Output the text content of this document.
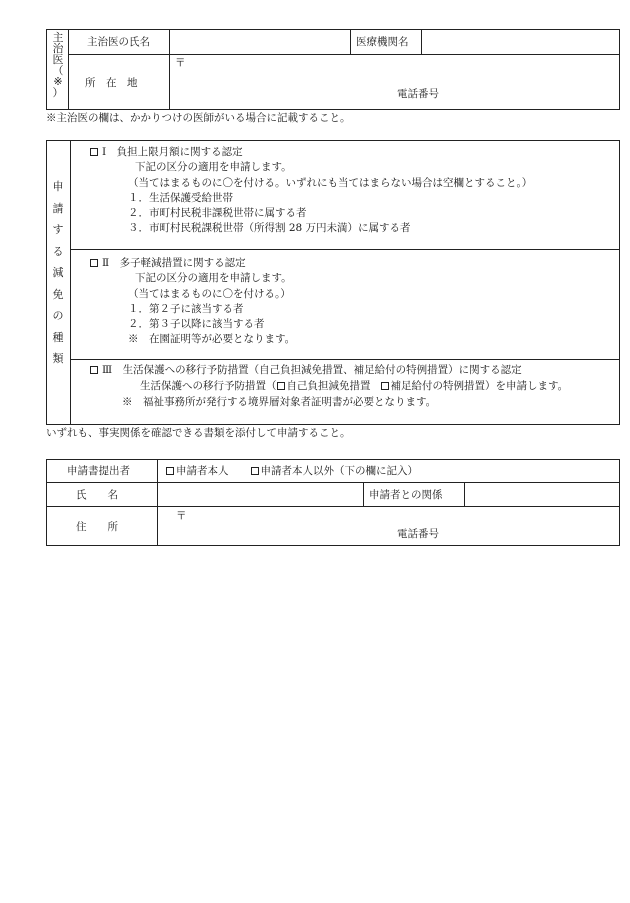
主
治
医
（
※
）
主治医の氏名	医療機関名
所　在　地
〒
電話番号
※主治医の欄は、かかりつけの医師がいる場合に記載すること。
申
請
す
る
減
免
の
種
類
Ⅰ　負担上限月額に関する認定
下記の区分の適用を申請します。
（当てはまるものに〇を付ける。いずれにも当てはまらない場合は空欄とすること。）
１．生活保護受給世帯
２．市町村民税非課税世帯に属する者
３．市町村民税課税世帯（所得割 28 万円未満）に属する者
Ⅱ　多子軽減措置に関する認定
下記の区分の適用を申請します。
（当てはまるものに〇を付ける。）
１．第２子に該当する者
２．第３子以降に該当する者
※　在園証明等が必要となります。
Ⅲ　生活保護への移行予防措置（自己負担減免措置、補足給付の特例措置）に関する認定
生活保護への移行予防措置（ 自己負担減免措置 補足給付の特例措置）を申請します。
※　福祉事務所が発行する境界層対象者証明書が必要となります。
いずれも、事実関係を確認できる書類を添付して申請すること。
申請書提出者	申請者本人	申請者本人以外（下の欄に記入）
氏　　名	申請者との関係
住　　所
〒
電話番号
